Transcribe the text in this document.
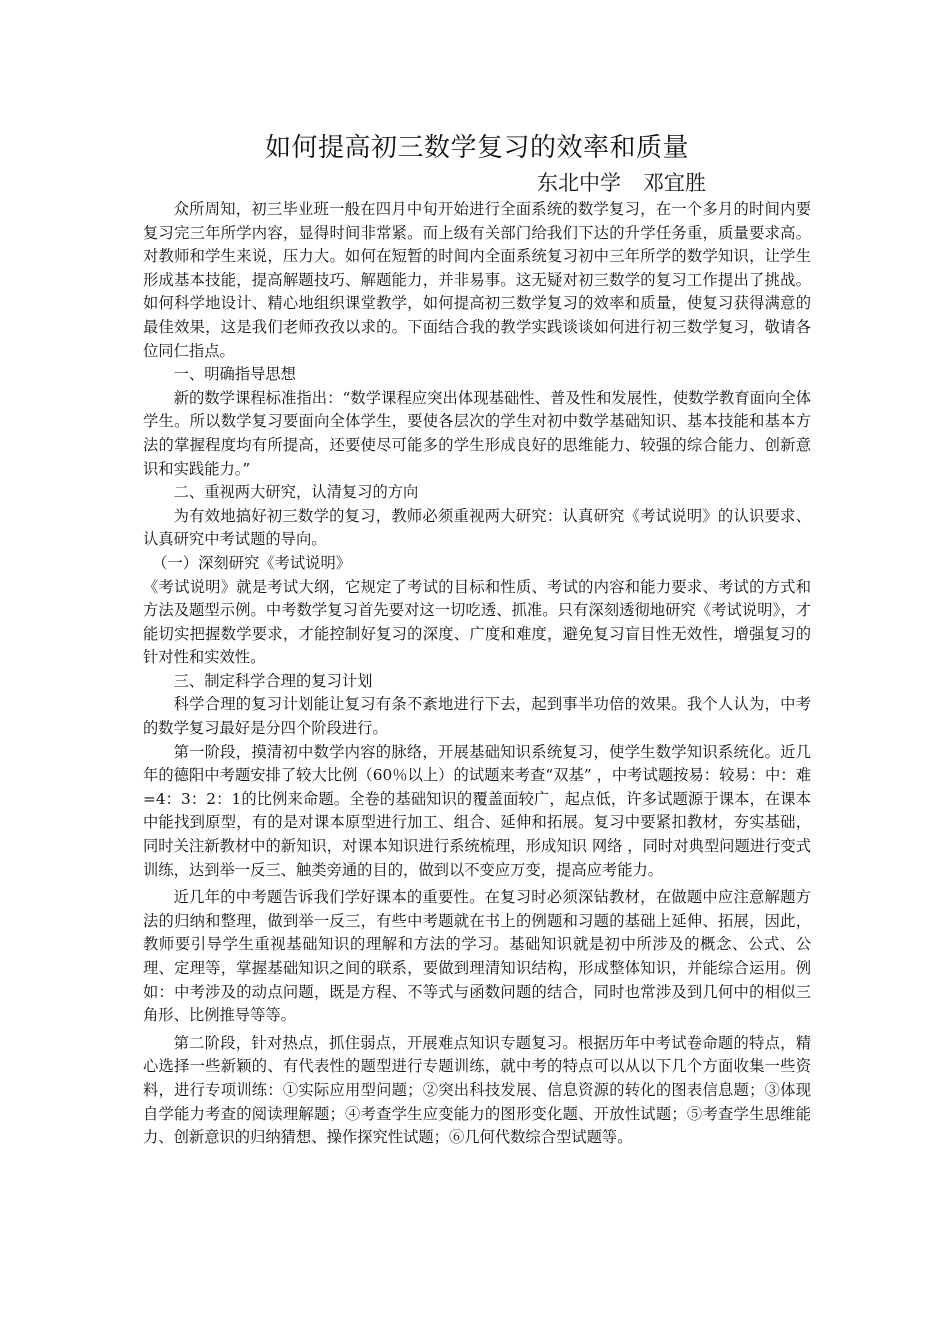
如何提高初三数学复习的效率和质量
东北中学 邓宜胜

众所周知，初三毕业班一般在四月中旬开始进行全面系统的数学复习，在一个多月的时间内要复习完三年所学内容，显得时间非常紧。而上级有关部门给我们下达的升学任务重，质量要求高。对教师和学生来说，压力大。如何在短暂的时间内全面系统复习初中三年所学的数学知识，让学生形成基本技能，提高解题技巧、解题能力，并非易事。这无疑对初三数学的复习工作提出了挑战。如何科学地设计、精心地组织课堂教学，如何提高初三数学复习的效率和质量，使复习获得满意的最佳效果，这是我们老师孜孜以求的。下面结合我的教学实践谈谈如何进行初三数学复习，敬请各位同仁指点。

一、明确指导思想

新的数学课程标准指出：“数学课程应突出体现基础性、普及性和发展性，使数学教育面向全体学生。所以数学复习要面向全体学生，要使各层次的学生对初中数学基础知识、基本技能和基本方法的掌握程度均有所提高，还要使尽可能多的学生形成良好的思维能力、较强的综合能力、创新意识和实践能力。”

二、重视两大研究，认清复习的方向

为有效地搞好初三数学的复习，教师必须重视两大研究：认真研究《考试说明》的认识要求、认真研究中考试题的导向。

（一）深刻研究《考试说明》

《考试说明》就是考试大纲，它规定了考试的目标和性质、考试的内容和能力要求、考试的方式和方法及题型示例。中考数学复习首先要对这一切吃透、抓准。只有深刻透彻地研究《考试说明》，才能切实把握数学要求，才能控制好复习的深度、广度和难度，避免复习盲目性无效性，增强复习的针对性和实效性。

三、制定科学合理的复习计划

科学合理的复习计划能让复习有条不紊地进行下去，起到事半功倍的效果。我个人认为，中考的数学复习最好是分四个阶段进行。

第一阶段，摸清初中数学内容的脉络，开展基础知识系统复习，使学生数学知识系统化。近几年的德阳中考题安排了较大比例（60％以上）的试题来考查“双基” ，中考试题按易：较易：中：难=4：3：2：1的比例来命题。全卷的基础知识的覆盖面较广，起点低，许多试题源于课本，在课本中能找到原型，有的是对课本原型进行加工、组合、延伸和拓展。复习中要紧扣教材，夯实基础，同时关注新教材中的新知识，对课本知识进行系统梳理，形成知识 网络 ，同时对典型问题进行变式训练，达到举一反三、触类旁通的目的，做到以不变应万变，提高应考能力。

近几年的中考题告诉我们学好课本的重要性。在复习时必须深钻教材，在做题中应注意解题方法的归纳和整理，做到举一反三，有些中考题就在书上的例题和习题的基础上延伸、拓展，因此，教师要引导学生重视基础知识的理解和方法的学习。基础知识就是初中所涉及的概念、公式、公理、定理等，掌握基础知识之间的联系，要做到理清知识结构，形成整体知识，并能综合运用。例如：中考涉及的动点问题，既是方程、不等式与函数问题的结合，同时也常涉及到几何中的相似三角形、比例推导等等。

第二阶段，针对热点，抓住弱点，开展难点知识专题复习。根据历年中考试卷命题的特点，精心选择一些新颖的、有代表性的题型进行专题训练，就中考的特点可以从以下几个方面收集一些资料，进行专项训练：①实际应用型问题；②突出科技发展、信息资源的转化的图表信息题；③体现自学能力考查的阅读理解题；④考查学生应变能力的图形变化题、开放性试题；⑤考查学生思维能力、创新意识的归纳猜想、操作探究性试题；⑥几何代数综合型试题等。
